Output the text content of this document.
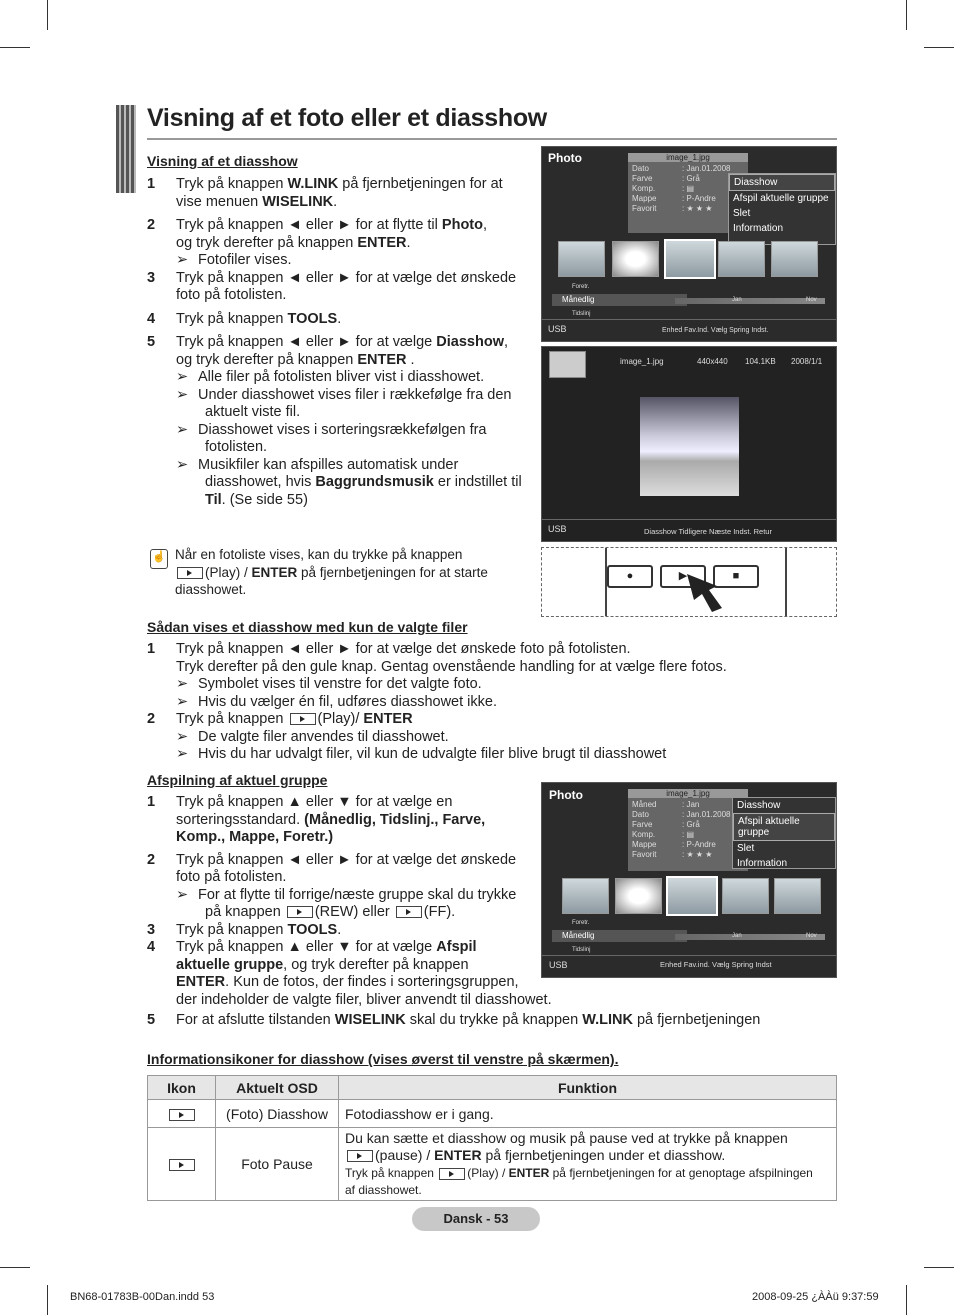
Visning af et foto eller et diasshow
Visning af et diasshow
1 Tryk på knappen W.LINK på fjernbetjeningen for at
vise menuen WISELINK.
2 Tryk på knappen ◄ eller ► for at flytte til Photo,
og tryk derefter på knappen ENTER.
➢ Fotofiler vises.
3 Tryk på knappen ◄ eller ► for at vælge det ønskede
foto på fotolisten.
4 Tryk på knappen TOOLS.
5 Tryk på knappen ◄ eller ► for at vælge Diasshow,
og tryk derefter på knappen ENTER .
➢ Alle filer på fotolisten bliver vist i diasshowet.
➢ Under diasshowet vises filer i rækkefølge fra den
aktuelt viste fil.
➢ Diasshowet vises i sorteringsrækkefølgen fra
fotolisten.
➢ Musikfiler kan afspilles automatisk under
diasshowet, hvis Baggrundsmusik er indstillet til
Til. (Se side 55)
☝ Når en fotoliste vises, kan du trykke på knappen
(Play) / ENTER på fjernbetjeningen for at starte
diasshowet.
●	▶	■
Photo	image_1.jpg
Dato	: Jan.01.2008
Farve	: Grå
Komp.	: ▤
Mappe	: P-Andre
Favorit	: ★ ★ ★
Diasshow
Afspil aktuelle gruppe
Slet
Information
Foretr.
Månedlig
Tidslinj
Jan	Nov
USB	Enhed Fav.Ind. Vælg Spring Indst.
image_1.jpg	440x440 104.1KB 2008/1/1
USB	Diasshow Tidligere Næste Indst. Retur
Sådan vises et diasshow med kun de valgte filer
1 Tryk på knappen ◄ eller ► for at vælge det ønskede foto på fotolisten.
Tryk derefter på den gule knap. Gentag ovenstående handling for at vælge flere fotos.
➢ Symbolet vises til venstre for det valgte foto.
➢ Hvis du vælger én fil, udføres diasshowet ikke.
2 Tryk på knappen (Play)/ ENTER
➢ De valgte filer anvendes til diasshowet.
➢ Hvis du har udvalgt filer, vil kun de udvalgte filer blive brugt til diasshowet
Afspilning af aktuel gruppe
1 Tryk på knappen ▲ eller ▼ for at vælge en
sorteringsstandard. (Månedlig, Tidslinj., Farve,
Komp., Mappe, Foretr.)
2 Tryk på knappen ◄ eller ► for at vælge det ønskede
foto på fotolisten.
➢ For at flytte til forrige/næste gruppe skal du trykke
på knappen (REW) eller (FF).
3 Tryk på knappen TOOLS.
4 Tryk på knappen ▲ eller ▼ for at vælge Afspil
aktuelle gruppe, og tryk derefter på knappen
ENTER. Kun de fotos, der findes i sorteringsgruppen,
der indeholder de valgte filer, bliver anvendt til diasshowet.
5 For at afslutte tilstanden WISELINK skal du trykke på knappen W.LINK på fjernbetjeningen
Photo	image_1.jpg
Måned	: Jan
Dato	: Jan.01.2008
Farve	: Grå
Komp.	: ▤
Mappe	: P-Andre
Favorit	: ★ ★ ★
Diasshow
Afspil aktuelle gruppe
Slet
Information
Foretr.
Månedlig
Tidslinj
Jan	Nov
USB	Enhed Fav.ind. Vælg Spring Indst
Informationsikoner for diasshow (vises øverst til venstre på skærmen).
Ikon	Aktuelt OSD	Funktion
	(Foto) Diasshow	Fotodiasshow er i gang.
	Foto Pause	Du kan sætte et diasshow og musik på pause ved at trykke på knappen
(pause) / ENTER på fjernbetjeningen under et diasshow.
Tryk på knappen (Play) / ENTER på fjernbetjeningen for at genoptage afspilningen
af diasshowet.
Dansk - 53
BN68-01783B-00Dan.indd 53	2008-09-25 ¿ÀÀü 9:37:59
